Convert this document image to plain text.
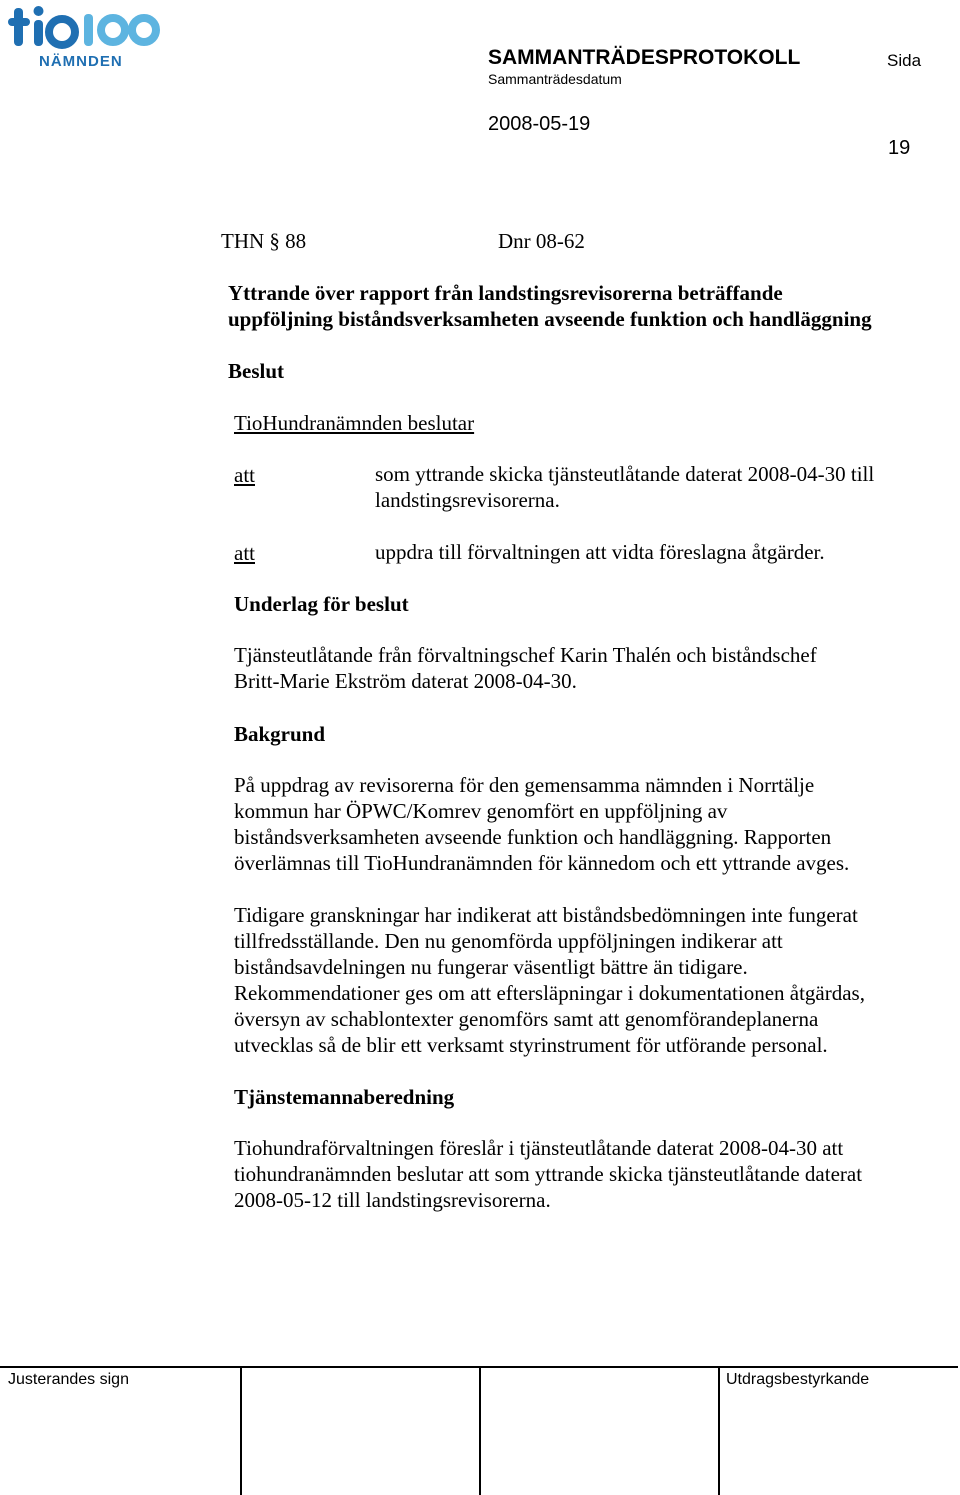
NÄMNDEN	SAMMANTRÄDESPROTOKOLL	Sida
Sammanträdesdatum
2008-05-19
19
THN § 88	Dnr 08-62
Yttrande över rapport från landstingsrevisorerna beträffande
uppföljning biståndsverksamheten avseende funktion och handläggning
Beslut
TioHundranämnden beslutar
att	som yttrande skicka tjänsteutlåtande daterat 2008-04-30 till
landstingsrevisorerna.
att	uppdra till förvaltningen att vidta föreslagna åtgärder.
Underlag för beslut
Tjänsteutlåtande från förvaltningschef Karin Thalén och biståndschef
Britt-Marie Ekström daterat 2008-04-30.
Bakgrund
På uppdrag av revisorerna för den gemensamma nämnden i Norrtälje
kommun har ÖPWC/Komrev genomfört en uppföljning av
biståndsverksamheten avseende funktion och handläggning. Rapporten
överlämnas till TioHundranämnden för kännedom och ett yttrande avges.
Tidigare granskningar har indikerat att biståndsbedömningen inte fungerat
tillfredsställande. Den nu genomförda uppföljningen indikerar att
biståndsavdelningen nu fungerar väsentligt bättre än tidigare.
Rekommendationer ges om att eftersläpningar i dokumentationen åtgärdas,
översyn av schablontexter genomförs samt att genomförandeplanerna
utvecklas så de blir ett verksamt styrinstrument för utförande personal.
Tjänstemannaberedning
Tiohundraförvaltningen föreslår i tjänsteutlåtande daterat 2008-04-30 att
tiohundranämnden beslutar att som yttrande skicka tjänsteutlåtande daterat
2008-05-12 till landstingsrevisorerna.
Justerandes sign	Utdragsbestyrkande
